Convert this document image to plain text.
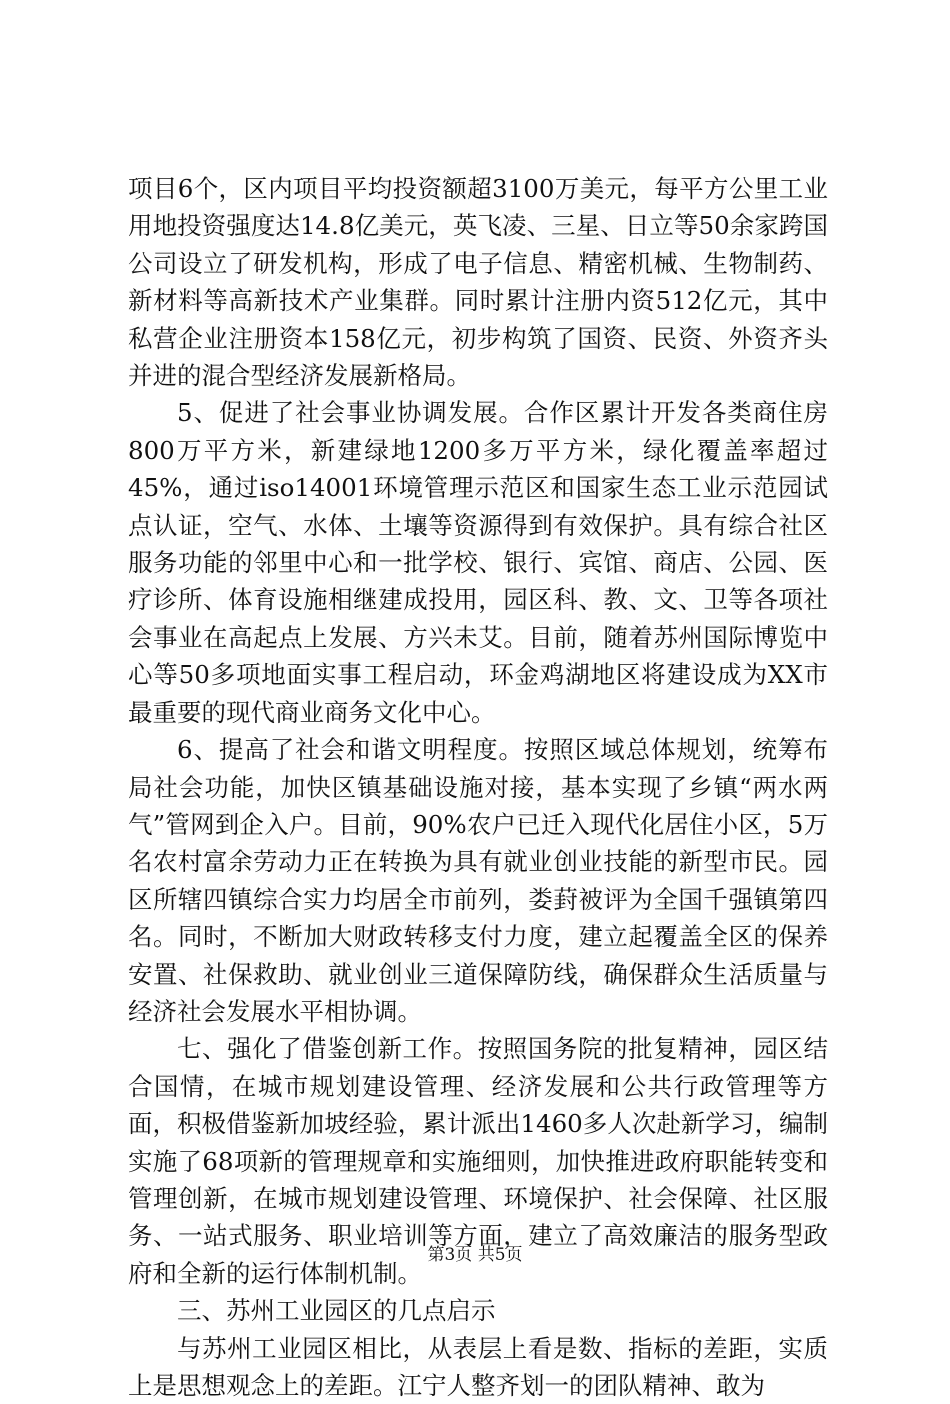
项目6个，区内项目平均投资额超3100万美元，每平方公里工业用地投资强度达14.8亿美元，英飞凌、三星、日立等50余家跨国公司设立了研发机构，形成了电子信息、精密机械、生物制药、新材料等高新技术产业集群。同时累计注册内资512亿元，其中私营企业注册资本158亿元，初步构筑了国资、民资、外资齐头并进的混合型经济发展新格局。

5、促进了社会事业协调发展。合作区累计开发各类商住房800万平方米，新建绿地1200多万平方米，绿化覆盖率超过45%，通过iso14001环境管理示范区和国家生态工业示范园试点认证，空气、水体、土壤等资源得到有效保护。具有综合社区服务功能的邻里中心和一批学校、银行、宾馆、商店、公园、医疗诊所、体育设施相继建成投用，园区科、教、文、卫等各项社会事业在高起点上发展、方兴未艾。目前，随着苏州国际博览中心等50多项地面实事工程启动，环金鸡湖地区将建设成为XX市最重要的现代商业商务文化中心。

6、提高了社会和谐文明程度。按照区域总体规划，统筹布局社会功能，加快区镇基础设施对接，基本实现了乡镇“两水两气”管网到企入户。目前，90%农户已迁入现代化居住小区，5万名农村富余劳动力正在转换为具有就业创业技能的新型市民。园区所辖四镇综合实力均居全市前列，娄葑被评为全国千强镇第四名。同时，不断加大财政转移支付力度，建立起覆盖全区的保养安置、社保救助、就业创业三道保障防线，确保群众生活质量与经济社会发展水平相协调。

七、强化了借鉴创新工作。按照国务院的批复精神，园区结合国情，在城市规划建设管理、经济发展和公共行政管理等方面，积极借鉴新加坡经验，累计派出1460多人次赴新学习，编制实施了68项新的管理规章和实施细则，加快推进政府职能转变和管理创新，在城市规划建设管理、环境保护、社会保障、社区服务、一站式服务、职业培训等方面，建立了高效廉洁的服务型政府和全新的运行体制机制。

三、苏州工业园区的几点启示

与苏州工业园区相比，从表层上看是数、指标的差距，实质上是思想观念上的差距。江宁人整齐划一的团队精神、敢为

第3页 共5页
